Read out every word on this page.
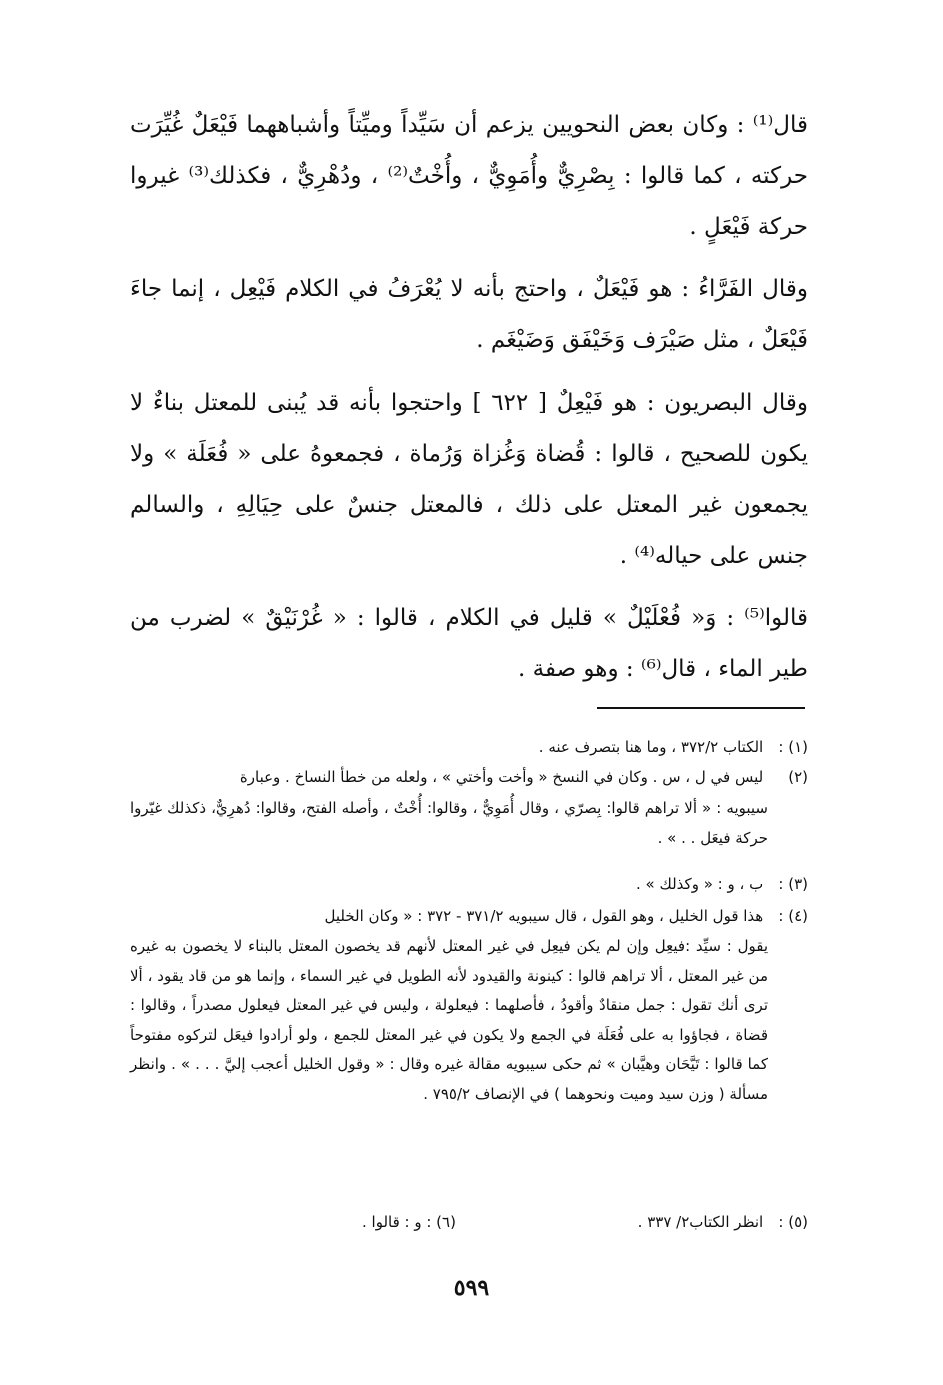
قال⁽¹⁾ : وكان بعض النحويين يزعم أن سَيِّداً وميِّتاً وأشباههما فَيْعَلٌ غُيِّرَت حركته ، كما قالوا : بِصْرِيٌّ وأُمَوِيٌّ ، وأُخْتٌ⁽²⁾ ، ودُهْرِيٌّ ، فكذلك⁽³⁾ غيروا حركة فَيْعَلٍ .

وقال الفَرَّاءُ : هو فَيْعَلٌ ، واحتج بأنه لا يُعْرَفُ في الكلام فَيْعِل ، إنما جاءَ فَيْعَلٌ ، مثل صَيْرَف وَخَيْفَق وَضَيْغَم .

وقال البصريون : هو فَيْعِلٌ [ ٦٢٢ ] واحتجوا بأنه قد يُبنى للمعتل بناءٌ لا يكون للصحيح ، قالوا : قُضاة وَغُزاة وَرُماة ، فجمعوهُ على « فُعَلَة » ولا يجمعون غير المعتل على ذلك ، فالمعتل جنسٌ على حِيَالِهِ ، والسالم جنس على حياله⁽⁴⁾ .

قالوا⁽⁵⁾ : وَ« فُعْلَيْلٌ » قليل في الكلام ، قالوا : « غُرْنَيْقٌ » لضرب من طير الماء ، قال⁽⁶⁾ : وهو صفة .

(١) : الكتاب ٣٧٢/٢ ، وما هنا بتصرف عنه .
(٢) ليس في ل ، س . وكان في النسخ « وأخت وأختي » ، ولعله من خطأ النساخ . وعبارة
سيبويه : « ألا تراهم قالوا: بِصرّي ، وقال أُمَوِيٌّ ، وقالوا: أُخْتٌ ، وأصله الفتح، وقالوا: دُهرِيٌّ، ذكذلك غيّروا حركة فيعَل . . » .
(٣) : ب ، و : « وكذلك » .
(٤) : هذا قول الخليل ، وهو القول ، قال سيبويه ٣٧١/٢ - ٣٧٢ : « وكان الخليل
يقول : سيِّد :فيعِل وإن لم يكن فيعِل في غير المعتل لأنهم قد يخصون المعتل بالبناء لا يخصون به غيره من غير المعتل ، ألا تراهم قالوا : كينونة والقيدود لأنه الطويل في غير السماء ، وإنما هو من قاد يقود ، ألا ترى أنك تقول : جمل منقادٌ وأقودُ ، فأصلهما : فيعلولة ، وليس في غير المعتل فيعلول مصدراً ، وقالوا : قضاة ، فجاؤوا به على فُعَلَة في الجمع ولا يكون في غير المعتل للجمع ، ولو أرادوا فيعَل لتركوه مفتوحاً كما قالوا : تَيَّحَان وهيَّبان » ثم حكى سيبويه مقالة غيره وقال : « وقول الخليل أعجب إليَّ . . . » . وانظر مسألة ( وزن سيد وميت ونحوهما ) في الإنصاف ٧٩٥/٢ .
(٥) : انظر الكتاب٢/ ٣٣٧ .
(٦) : و : قالوا .
٥٩٩
